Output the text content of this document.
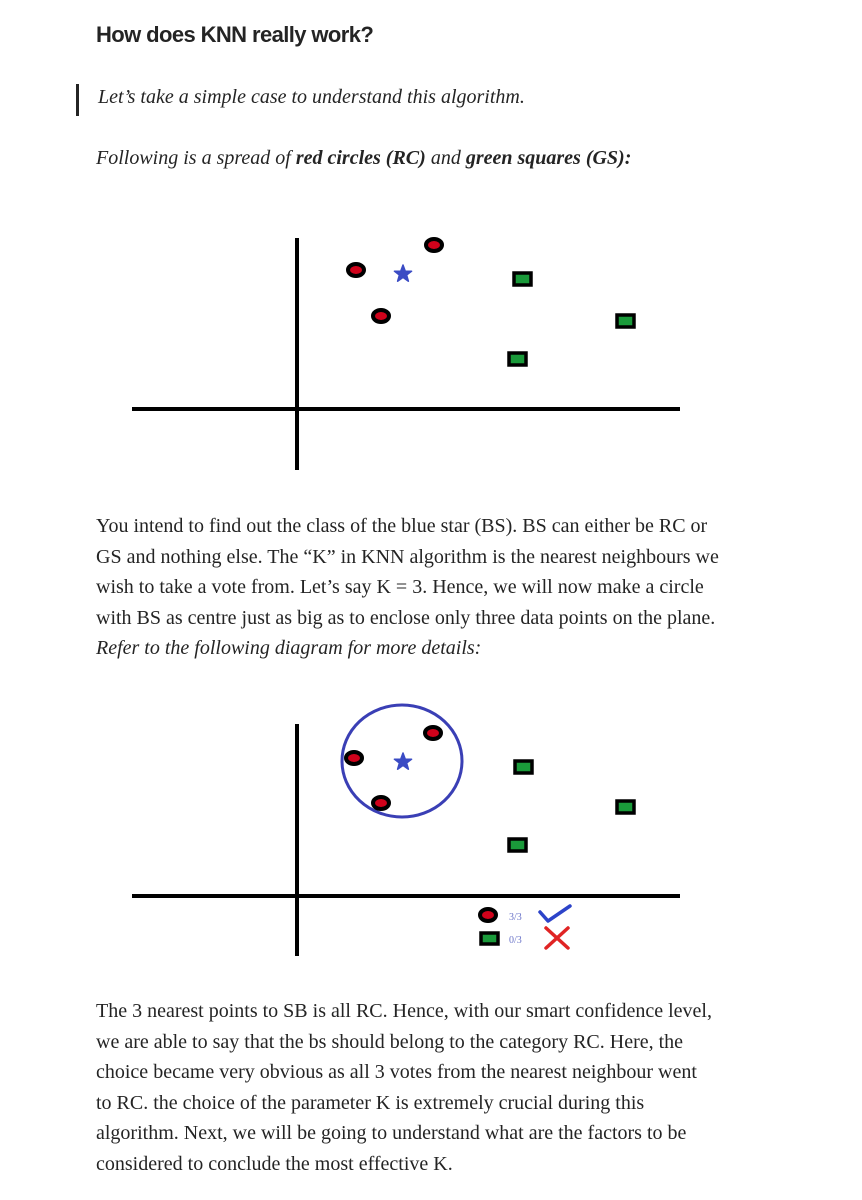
How does KNN really work?

Let’s take a simple case to understand this algorithm.

Following is a spread of red circles (RC) and green squares (GS):

You intend to find out the class of the blue star (BS). BS can either be RC or
GS and nothing else. The “K” in KNN algorithm is the nearest neighbours we
wish to take a vote from. Let’s say K = 3. Hence, we will now make a circle
with BS as centre just as big as to enclose only three data points on the plane.
Refer to the following diagram for more details:
3/3
0/3
The 3 nearest points to SB is all RC. Hence, with our smart confidence level,
we are able to say that the bs should belong to the category RC. Here, the
choice became very obvious as all 3 votes from the nearest neighbour went
to RC. the choice of the parameter K is extremely crucial during this
algorithm. Next, we will be going to understand what are the factors to be
considered to conclude the most effective K.
